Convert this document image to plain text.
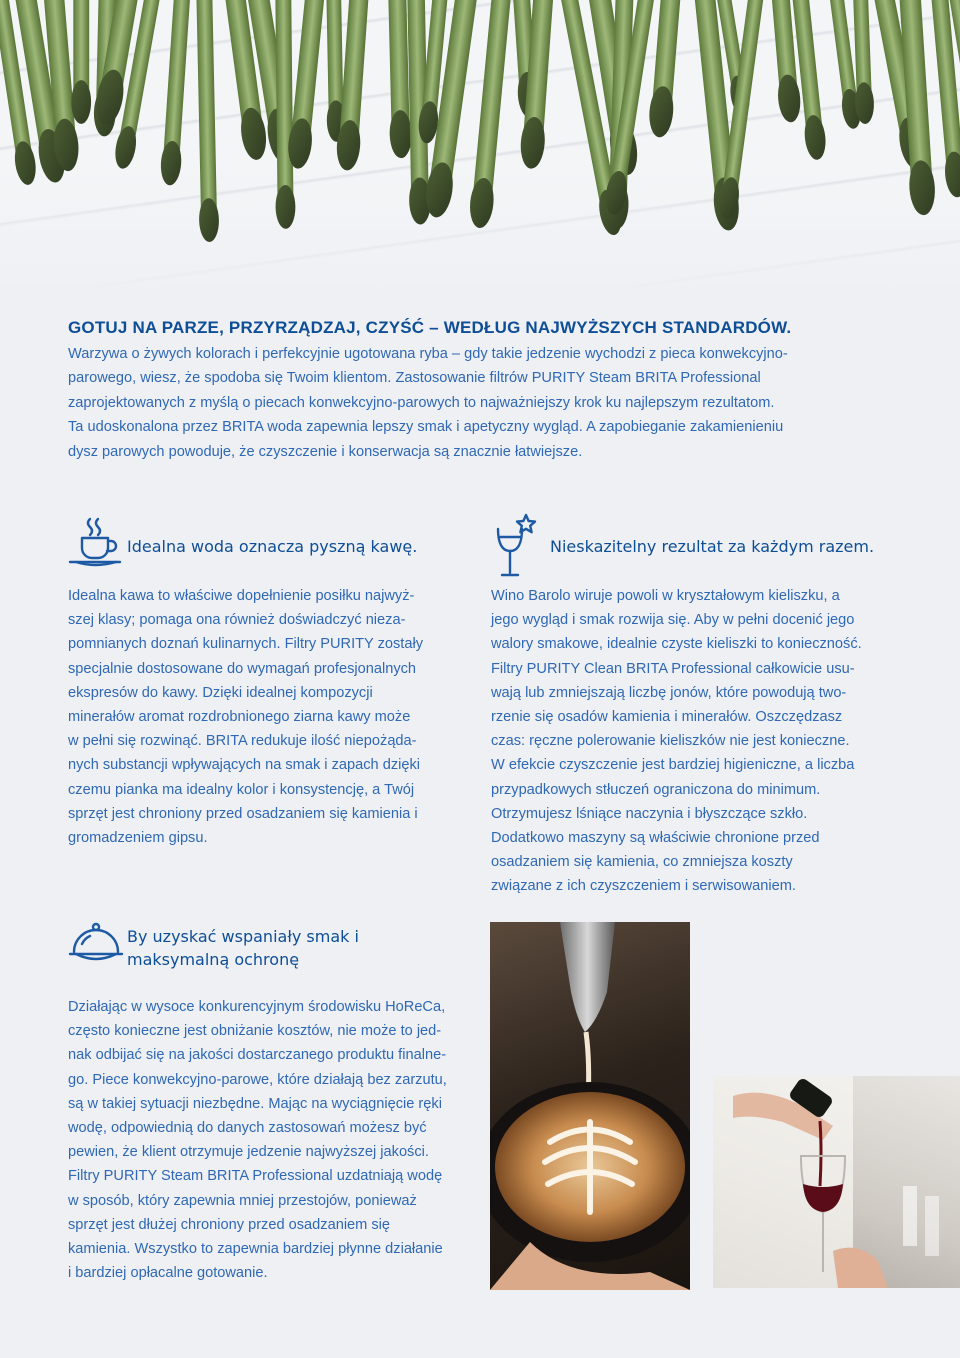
GOTUJ NA PARZE, PRZYRZĄDZAJ, CZYŚĆ – WEDŁUG NAJWYŻSZYCH STANDARDÓW.
Warzywa o żywych kolorach i perfekcyjnie ugotowana ryba – gdy takie jedzenie wychodzi z pieca konwekcyjno-
parowego, wiesz, że spodoba się Twoim klientom. Zastosowanie filtrów PURITY Steam BRITA Professional
zaprojektowanych z myślą o piecach konwekcyjno-parowych to najważniejszy krok ku najlepszym rezultatom.
Ta udoskonalona przez BRITA woda zapewnia lepszy smak i apetyczny wygląd. A zapobieganie zakamienieniu
dysz parowych powoduje, że czyszczenie i konserwacja są znacznie łatwiejsze.
Idealna woda oznacza pyszną kawę.
Idealna kawa to właściwe dopełnienie posiłku najwyż-
szej klasy; pomaga ona również doświadczyć nieza-
pomnianych doznań kulinarnych. Filtry PURITY zostały
specjalnie dostosowane do wymagań profesjonalnych
ekspresów do kawy. Dzięki idealnej kompozycji
minerałów aromat rozdrobnionego ziarna kawy może
w pełni się rozwinąć. BRITA redukuje ilość niepożąda-
nych substancji wpływających na smak i zapach dzięki
czemu pianka ma idealny kolor i konsystencję, a Twój
sprzęt jest chroniony przed osadzaniem się kamienia i
gromadzeniem gipsu.
Nieskazitelny rezultat za każdym razem.
Wino Barolo wiruje powoli w kryształowym kieliszku, a
jego wygląd i smak rozwija się. Aby w pełni docenić jego
walory smakowe, idealnie czyste kieliszki to konieczność.
Filtry PURITY Clean BRITA Professional całkowicie usu-
wają lub zmniejszają liczbę jonów, które powodują two-
rzenie się osadów kamienia i minerałów. Oszczędzasz
czas: ręczne polerowanie kieliszków nie jest konieczne.
W efekcie czyszczenie jest bardziej higieniczne, a liczba
przypadkowych stłuczeń ograniczona do minimum.
Otrzymujesz lśniące naczynia i błyszczące szkło.
Dodatkowo maszyny są właściwie chronione przed
osadzaniem się kamienia, co zmniejsza koszty
związane z ich czyszczeniem i serwisowaniem.
By uzyskać wspaniały smak i
maksymalną ochronę
Działając w wysoce konkurencyjnym środowisku HoReCa,
często konieczne jest obniżanie kosztów, nie może to jed-
nak odbijać się na jakości dostarczanego produktu finalne-
go. Piece konwekcyjno-parowe, które działają bez zarzutu,
są w takiej sytuacji niezbędne. Mając na wyciągnięcie ręki
wodę, odpowiednią do danych zastosowań możesz być
pewien, że klient otrzymuje jedzenie najwyższej jakości.
Filtry PURITY Steam BRITA Professional uzdatniają wodę
w sposób, który zapewnia mniej przestojów, ponieważ
sprzęt jest dłużej chroniony przed osadzaniem się
kamienia. Wszystko to zapewnia bardziej płynne działanie
i bardziej opłacalne gotowanie.
